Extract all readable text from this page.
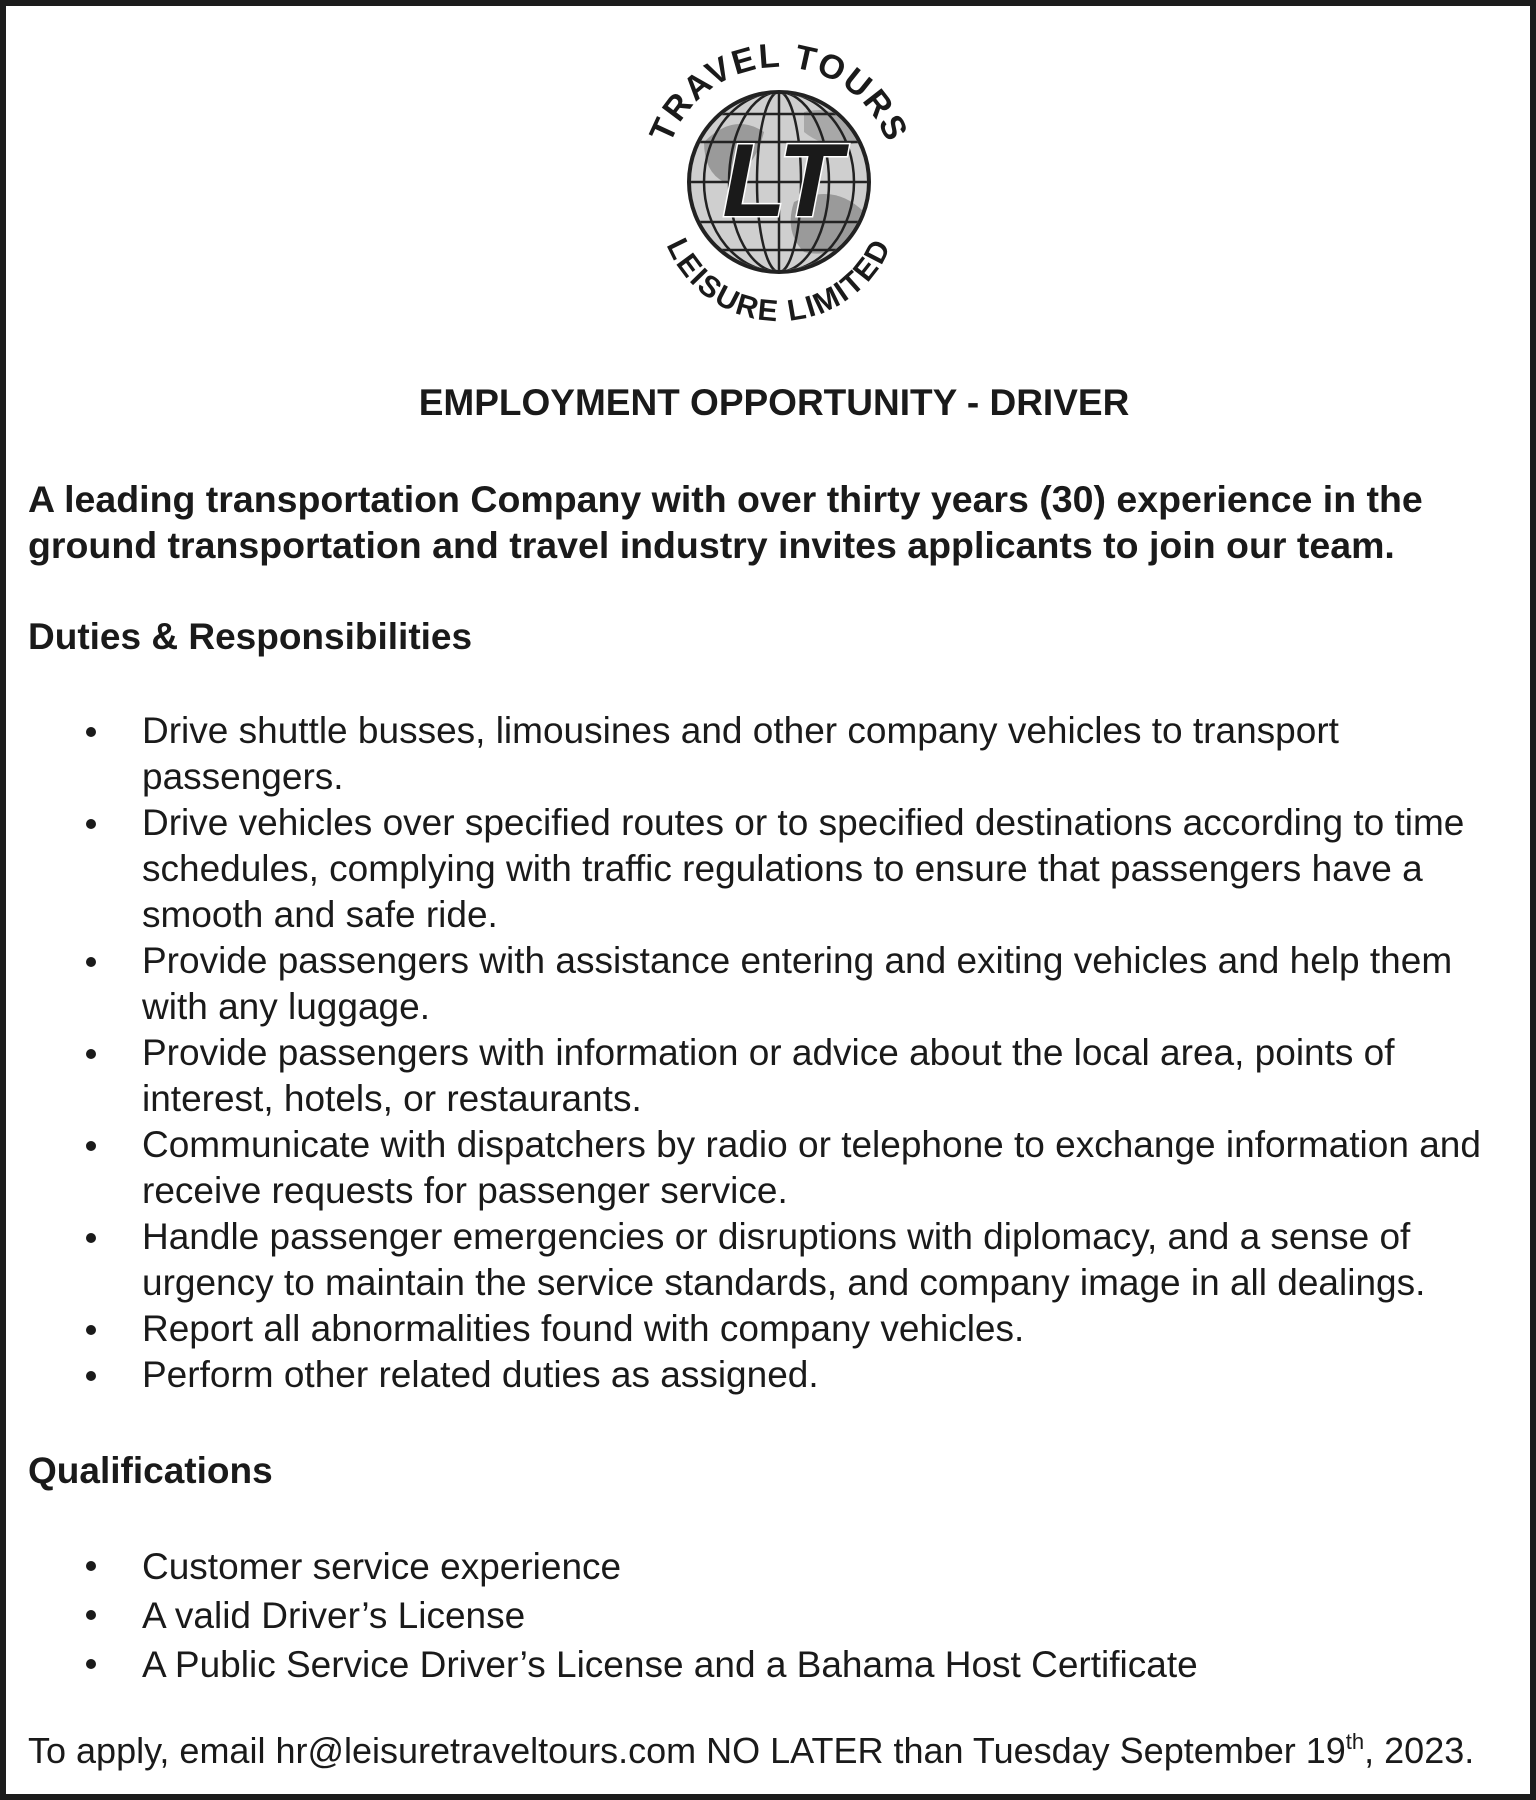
LT
TRAVEL TOURS
LEISURE LIMITED
EMPLOYMENT OPPORTUNITY - DRIVER
A leading transportation Company with over thirty years (30) experience in the ground transportation and travel industry invites applicants to join our team.
Duties & Responsibilities
Drive shuttle busses, limousines and other company vehicles to transport passengers.
Drive vehicles over specified routes or to specified destinations according to time schedules, complying with traffic regulations to ensure that passengers have a smooth and safe ride.
Provide passengers with assistance entering and exiting vehicles and help them with any luggage.
Provide passengers with information or advice about the local area, points of interest, hotels, or restaurants.
Communicate with dispatchers by radio or telephone to exchange information and receive requests for passenger service.
Handle passenger emergencies or disruptions with diplomacy, and a sense of urgency to maintain the service standards, and company image in all dealings.
Report all abnormalities found with company vehicles.
Perform other related duties as assigned.
Qualifications
Customer service experience
A valid Driver’s License
A Public Service Driver’s License and a Bahama Host Certificate
To apply, email hr@leisuretraveltours.com NO LATER than Tuesday September 19th, 2023.
